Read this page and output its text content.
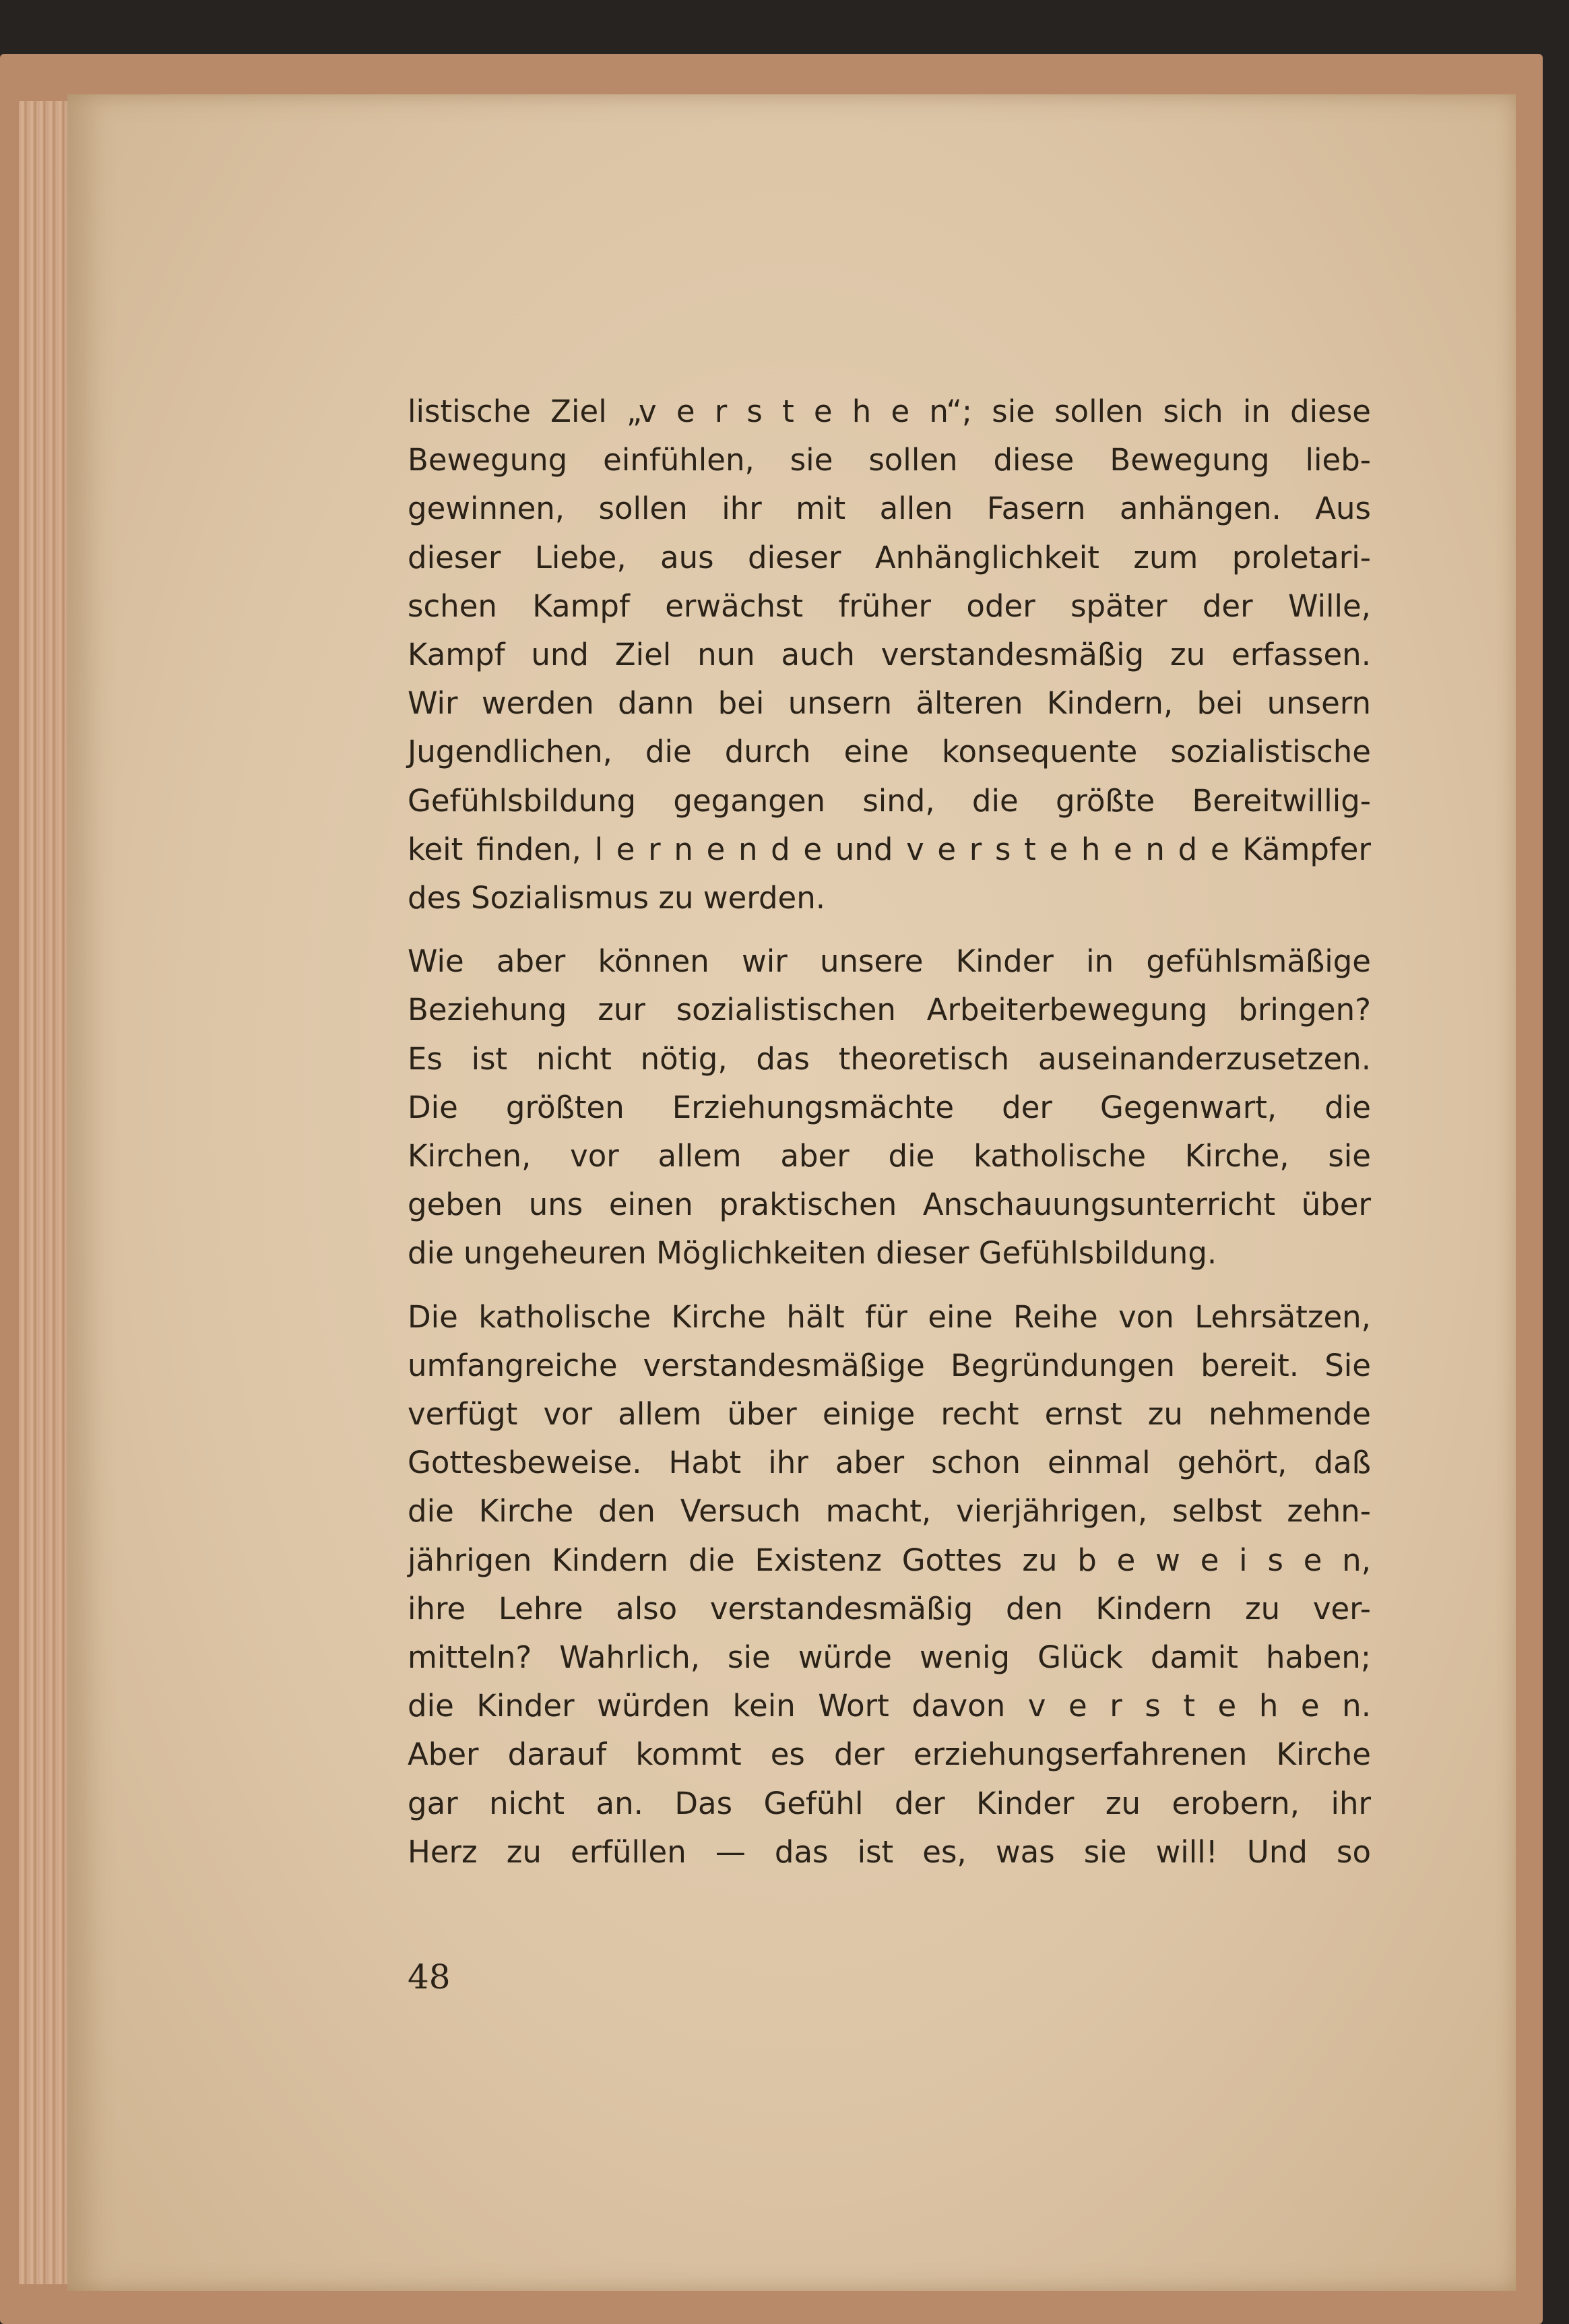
listische Ziel „v e r s t e h e n“; sie sollen sich in diese
Bewegung einfühlen, sie sollen diese Bewegung lieb-
gewinnen, sollen ihr mit allen Fasern anhängen. Aus
dieser Liebe, aus dieser Anhänglichkeit zum proletari-
schen Kampf erwächst früher oder später der Wille,
Kampf und Ziel nun auch verstandesmäßig zu erfassen.
Wir werden dann bei unsern älteren Kindern, bei unsern
Jugendlichen, die durch eine konsequente sozialistische
Gefühlsbildung gegangen sind, die größte Bereitwillig-
keit finden, l e r n e n d e und v e r s t e h e n d e Kämpfer
des Sozialismus zu werden.

Wie aber können wir unsere Kinder in gefühlsmäßige
Beziehung zur sozialistischen Arbeiterbewegung bringen?
Es ist nicht nötig, das theoretisch auseinanderzusetzen.
Die größten Erziehungsmächte der Gegenwart, die
Kirchen, vor allem aber die katholische Kirche, sie
geben uns einen praktischen Anschauungsunterricht über
die ungeheuren Möglichkeiten dieser Gefühlsbildung.

Die katholische Kirche hält für eine Reihe von Lehrsätzen,
umfangreiche verstandesmäßige Begründungen bereit. Sie
verfügt vor allem über einige recht ernst zu nehmende
Gottesbeweise. Habt ihr aber schon einmal gehört, daß
die Kirche den Versuch macht, vierjährigen, selbst zehn-
jährigen Kindern die Existenz Gottes zu b e w e i s e n,
ihre Lehre also verstandesmäßig den Kindern zu ver-
mitteln? Wahrlich, sie würde wenig Glück damit haben;
die Kinder würden kein Wort davon v e r s t e h e n.
Aber darauf kommt es der erziehungserfahrenen Kirche
gar nicht an. Das Gefühl der Kinder zu erobern, ihr
Herz zu erfüllen — das ist es, was sie will! Und so

48
